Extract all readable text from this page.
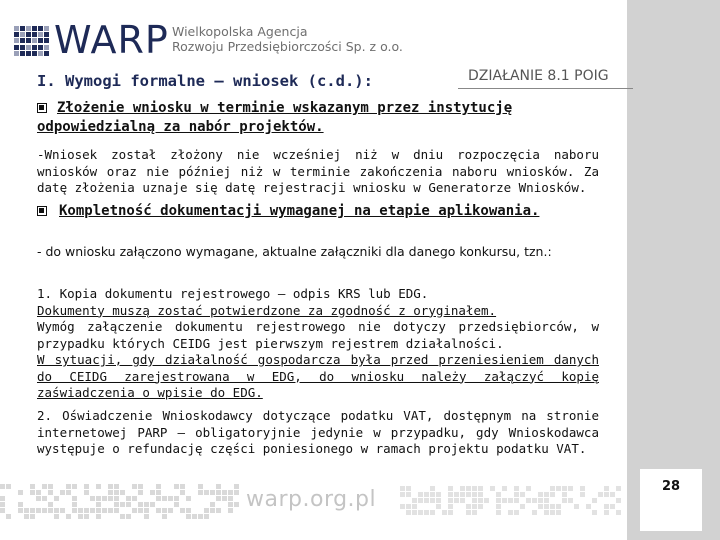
28
WARP Wielkopolska Agencja
Rozwoju Przedsiębiorczości Sp. z o.o.
DZIAŁANIE 8.1 POIG
I. Wymogi formalne – wniosek (c.d.):
Złożenie wniosku w terminie wskazanym przez instytucję odpowiedzialną za nabór projektów.
-Wniosek został złożony nie wcześniej niż w dniu rozpoczęcia naboru wniosków oraz nie później niż w terminie zakończenia naboru wniosków. Za datę złożenia uznaje się datę rejestracji wniosku w Generatorze Wniosków.
Kompletność dokumentacji wymaganej na etapie aplikowania.
- do wniosku załączono wymagane, aktualne załączniki dla danego konkursu, tzn.:
1. Kopia dokumentu rejestrowego – odpis KRS lub EDG.
Dokumenty muszą zostać potwierdzone za zgodność z oryginałem.
Wymóg załączenie dokumentu rejestrowego nie dotyczy przedsiębiorców, w przypadku których CEIDG jest pierwszym rejestrem działalności.
W sytuacji, gdy działalność gospodarcza była przed przeniesieniem danych do CEIDG zarejestrowana w EDG, do wniosku należy załączyć kopię zaświadczenia o wpisie do EDG.
2. Oświadczenie Wnioskodawcy dotyczące podatku VAT, dostępnym na stronie internetowej PARP – obligatoryjnie jedynie w przypadku, gdy Wnioskodawca występuje o refundację części poniesionego w ramach projektu podatku VAT.
warp.org.pl
